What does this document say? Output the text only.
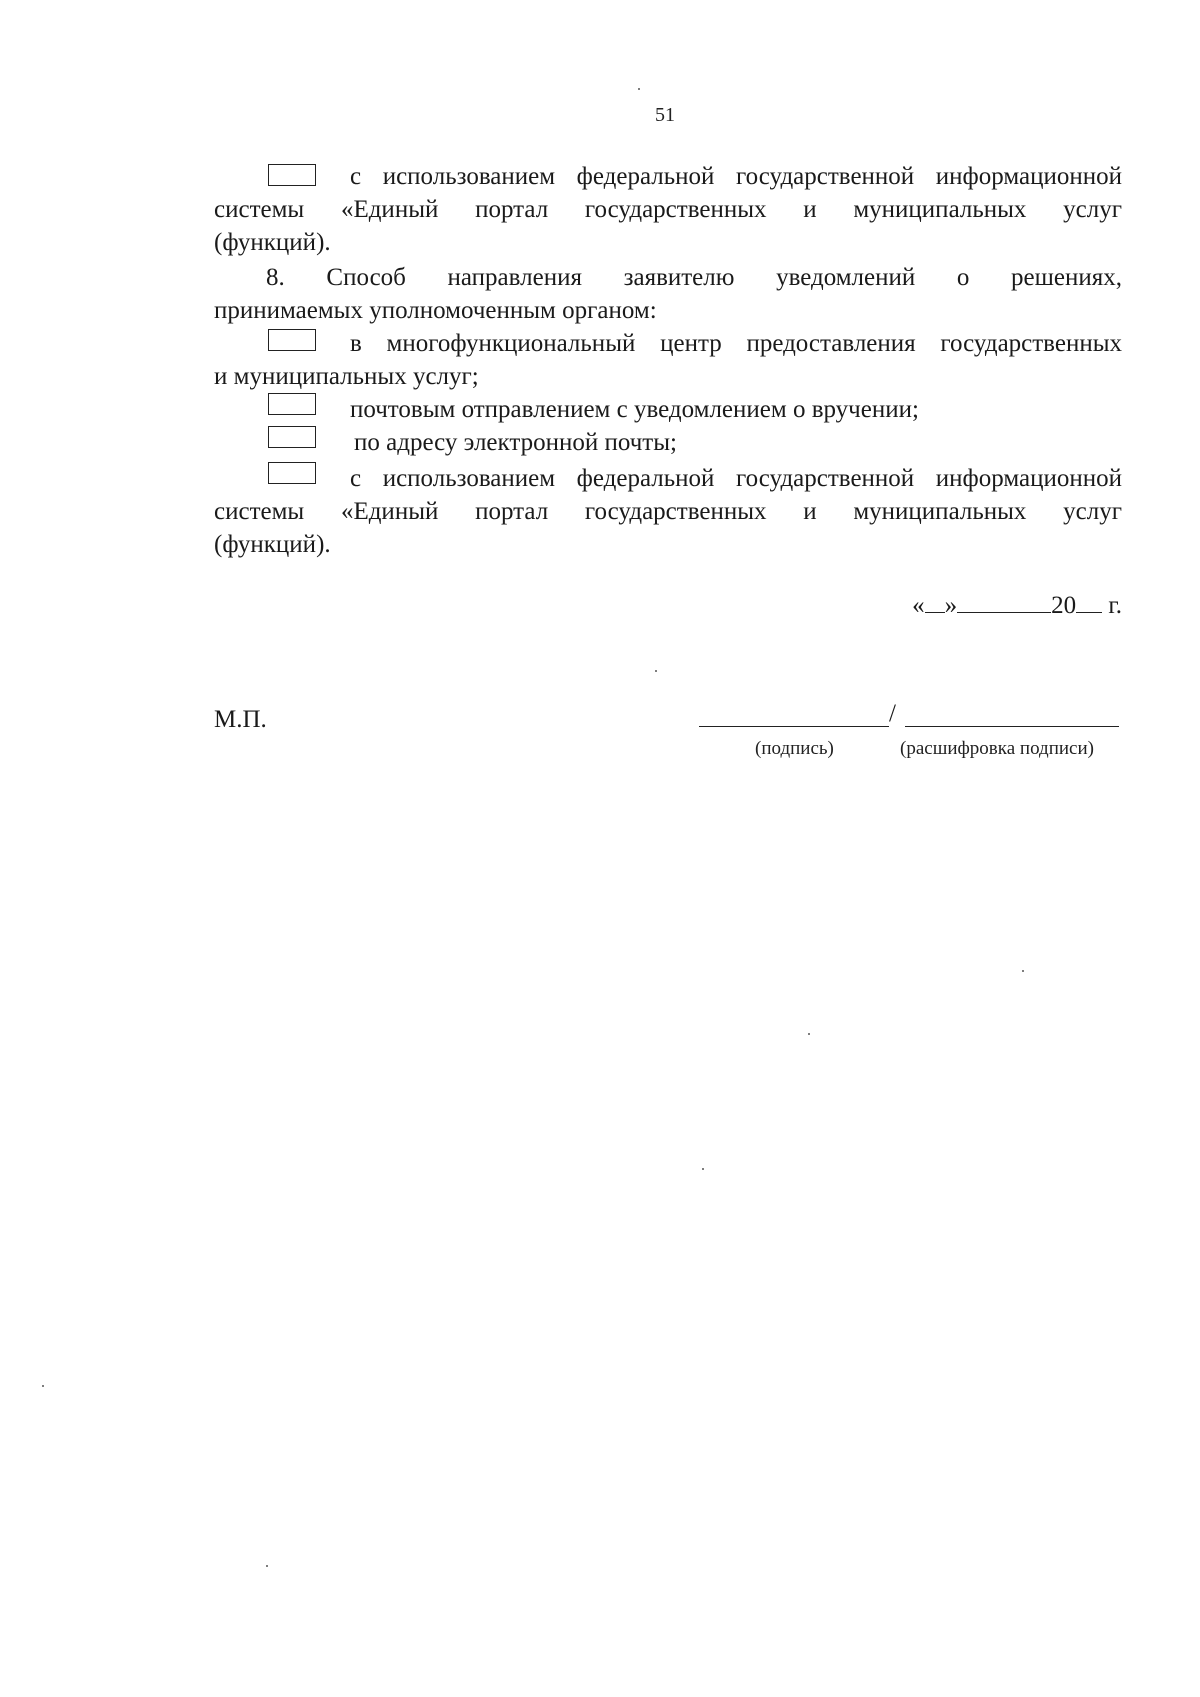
51
с использованием федеральной государственной информационной
системы «Единый портал государственных и муниципальных услуг
(функций).
8. Способ направления заявителю уведомлений о решениях,
принимаемых уполномоченным органом:
в многофункциональный центр предоставления государственных
и муниципальных услуг;
почтовым отправлением с уведомлением о вручении;
по адресу электронной почты;
с использованием федеральной государственной информационной
системы «Единый портал государственных и муниципальных услуг
(функций).
« »	20 г.
М.П.	/
(подпись)	(расшифровка подписи)
